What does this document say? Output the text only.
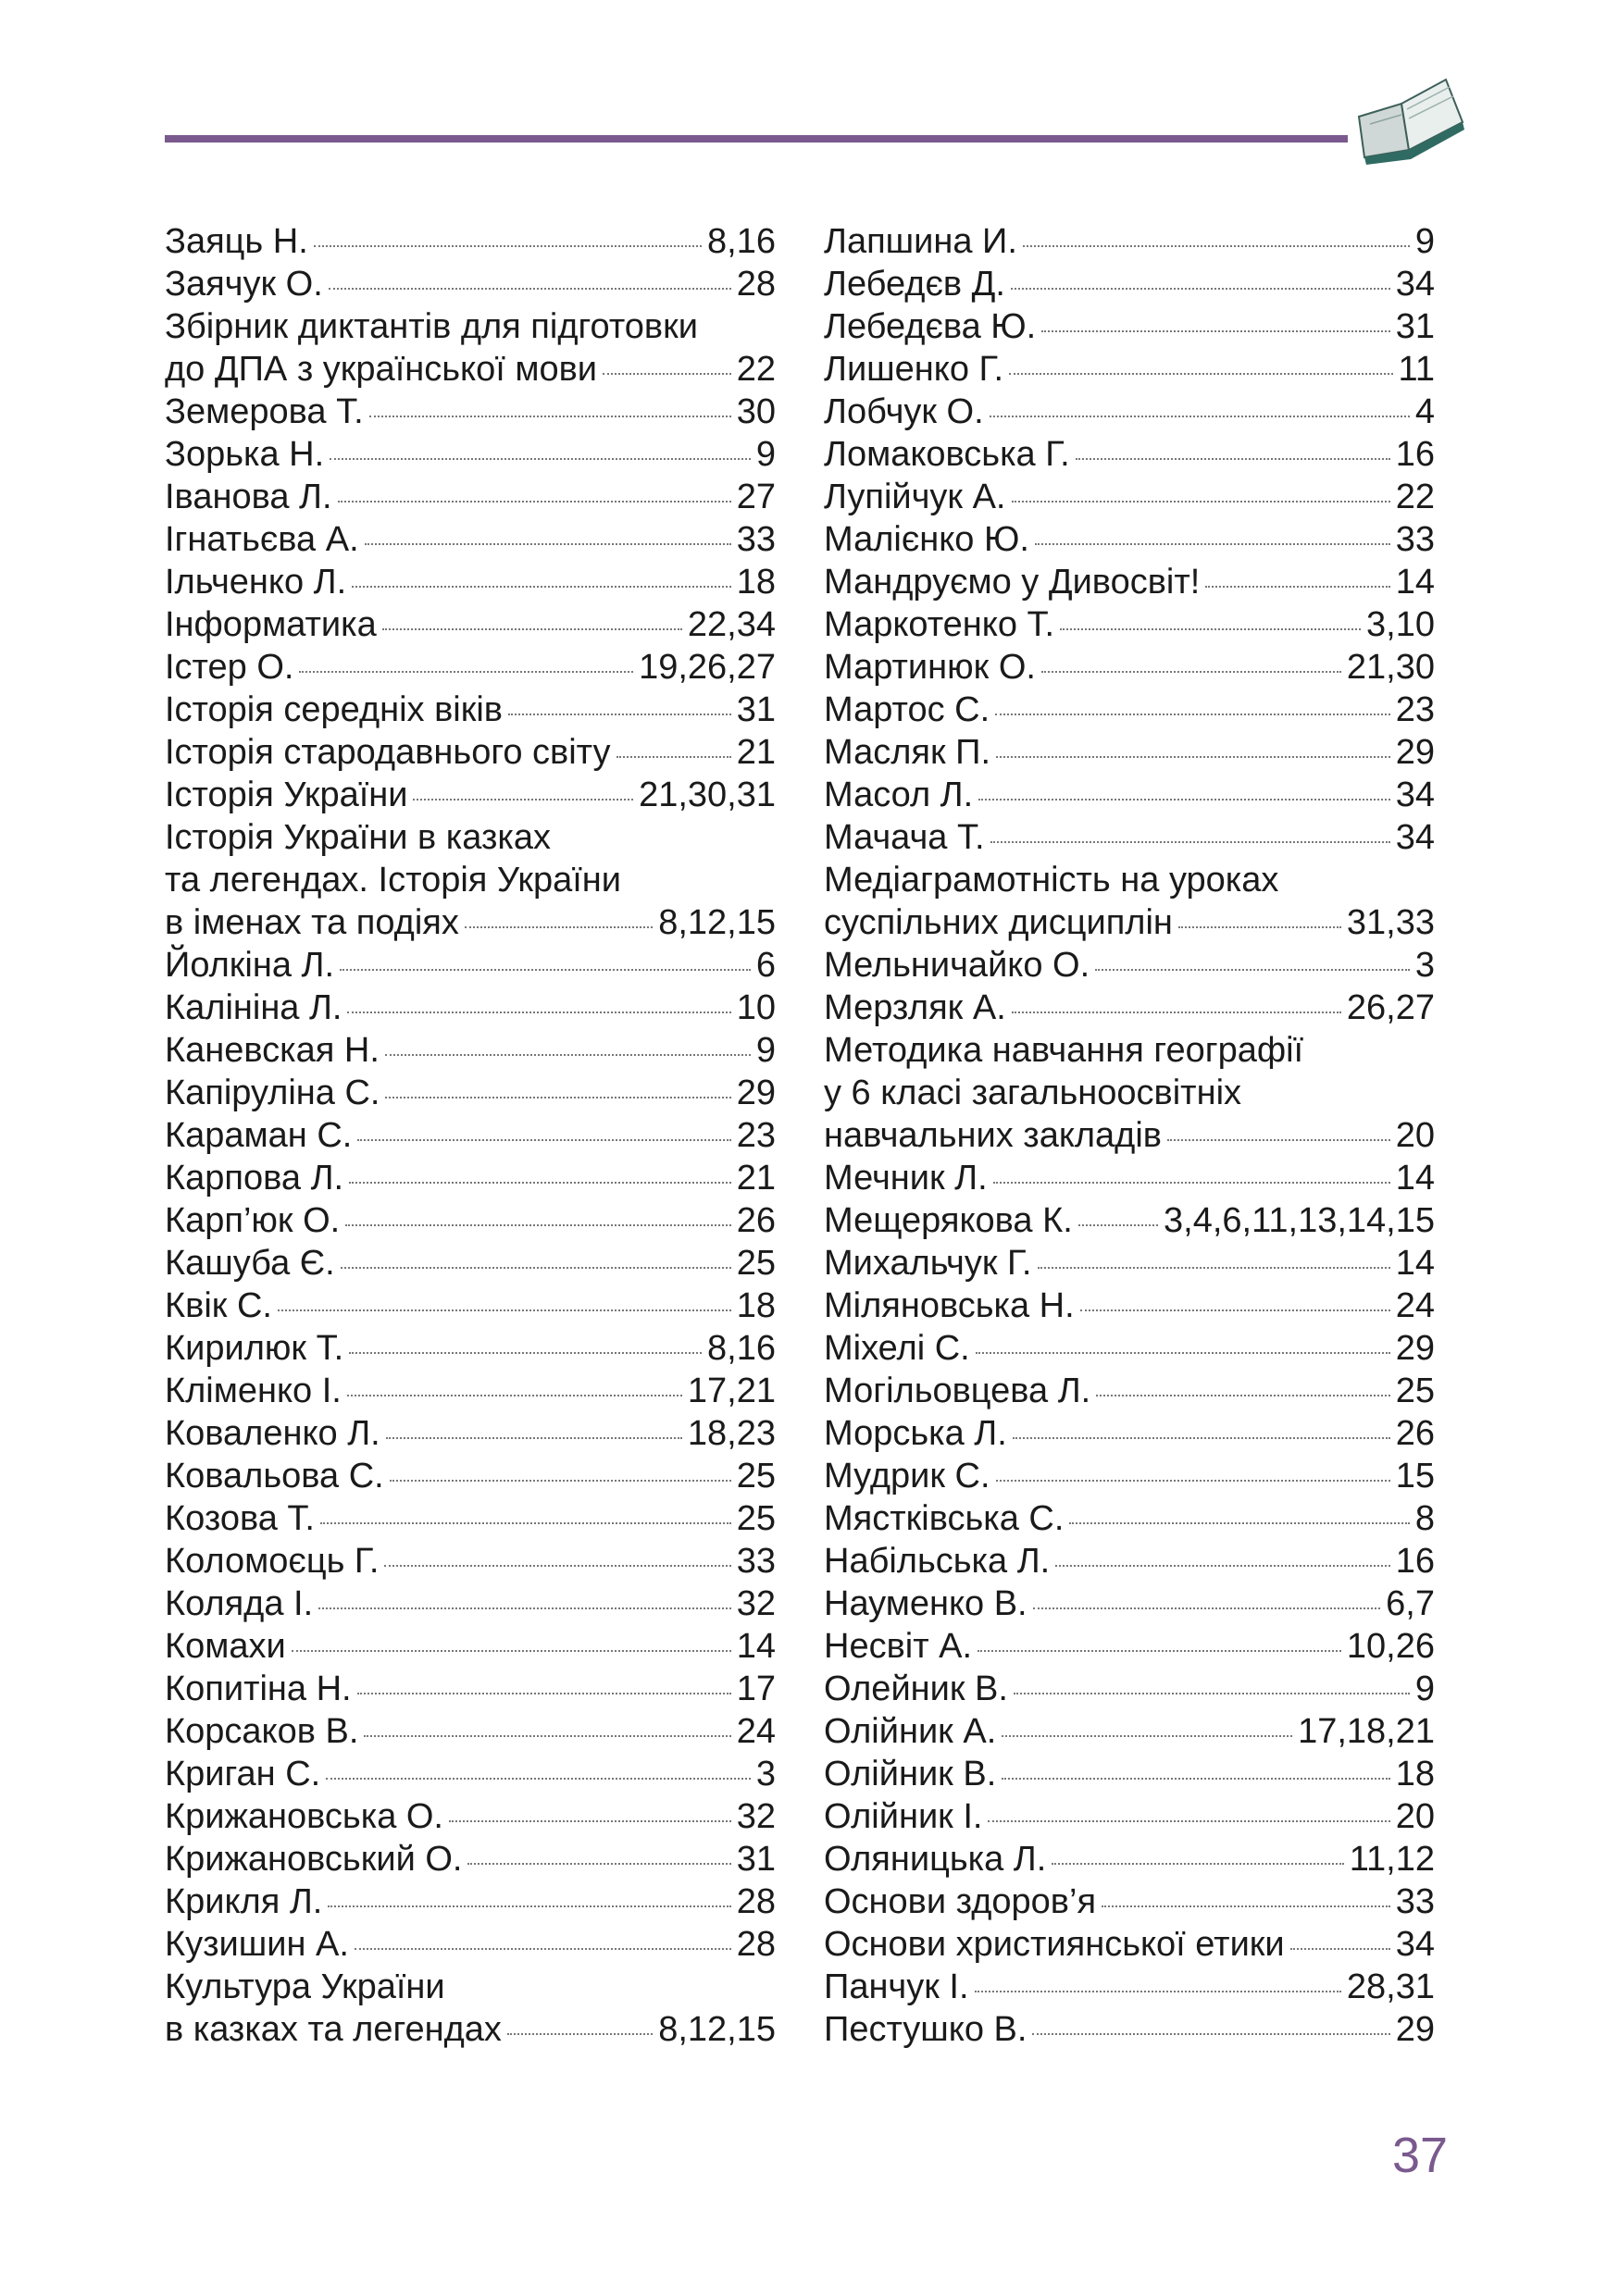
Заяць Н.	8,16
Заячук О.	28
Збірник диктантів для підготовки
до ДПА з української мови	22
Земерова Т.	30
Зорька Н.	9
Іванова Л.	27
Ігнатьєва А.	33
Ільченко Л.	18
Інформатика	22,34
Істер О.	19,26,27
Історія середніх віків	31
Історія стародавнього світу	21
Історія України	21,30,31
Історія України в казках
та легендах. Історія України
в іменах та подіях	8,12,15
Йолкіна Л.	6
Калініна Л.	10
Каневская Н.	9
Капіруліна С.	29
Караман С.	23
Карпова Л.	21
Карп’юк О.	26
Кашуба Є.	25
Квік С.	18
Кирилюк Т.	8,16
Кліменко І.	17,21
Коваленко Л.	18,23
Ковальова С.	25
Козова Т.	25
Коломоєць Г.	33
Коляда І.	32
Комахи	14
Копитіна Н.	17
Корсаков В.	24
Криган С.	3
Крижановська О.	32
Крижановський О.	31
Крикля Л.	28
Кузишин А.	28
Культура України
в казках та легендах	8,12,15
Лапшина И.	9
Лебедєв Д.	34
Лебедєва Ю.	31
Лишенко Г.	11
Лобчук О.	4
Ломаковська Г.	16
Лупійчук А.	22
Малієнко Ю.	33
Мандруємо у Дивосвіт!	14
Маркотенко Т.	3,10
Мартинюк О.	21,30
Мартос С.	23
Масляк П.	29
Масол Л.	34
Мачача Т.	34
Медіаграмотність на уроках
суспільних дисциплін	31,33
Мельничайко О.	3
Мерзляк А.	26,27
Методика навчання географії
у 6 класі загальноосвітніх
навчальних закладів	20
Мечник Л.	14
Мещерякова К.	3,4,6,11,13,14,15
Михальчук Г.	14
Міляновська Н.	24
Міхелі С.	29
Могільовцева Л.	25
Морська Л.	26
Мудрик С.	15
Мястківська С.	8
Набільська Л.	16
Науменко В.	6,7
Несвіт А.	10,26
Олейник В.	9
Олійник А.	17,18,21
Олійник В.	18
Олійник І.	20
Оляницька Л.	11,12
Основи здоров’я	33
Основи християнської етики	34
Панчук І.	28,31
Пестушко В.	29
37
